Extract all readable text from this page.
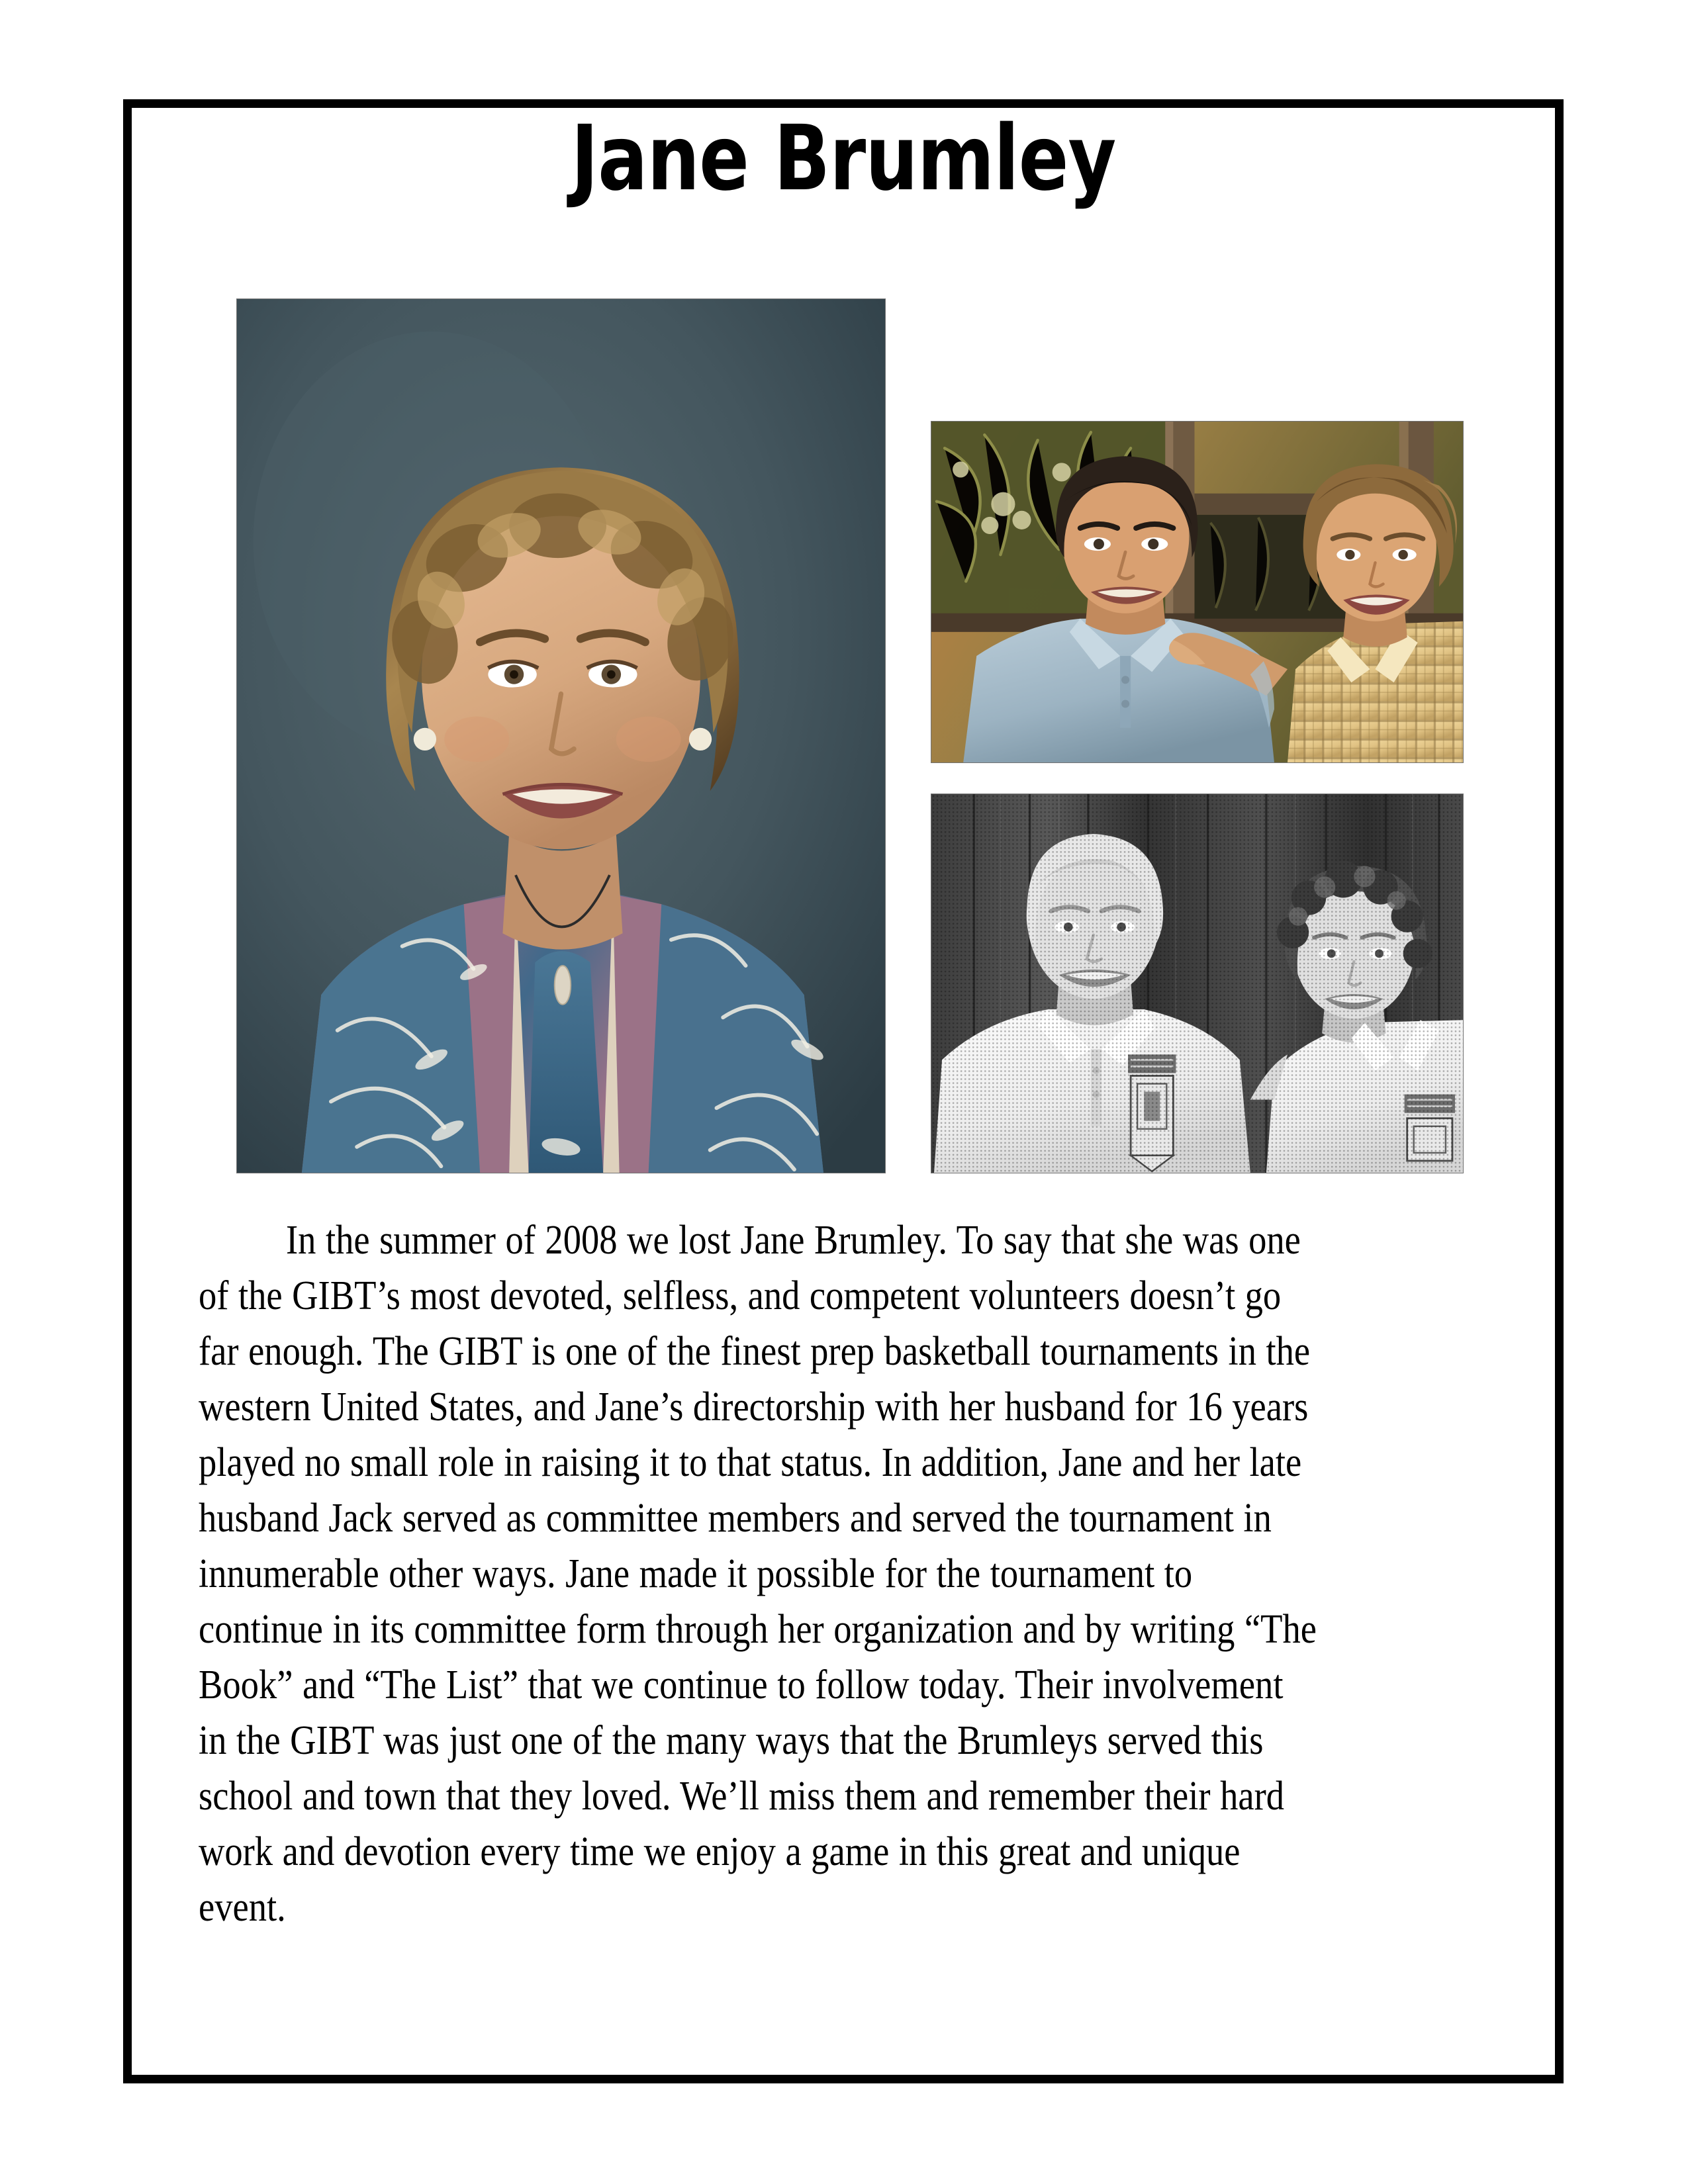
Jane Brumley
In the summer of 2008 we lost Jane Brumley. To say that she was one of the GIBT’s most devoted, selfless, and competent volunteers doesn’t go far enough. The GIBT is one of the finest prep basketball tournaments in the western United States, and Jane’s directorship with her husband for 16 years played no small role in raising it to that status. In addition, Jane and her late husband Jack served as committee members and served the tournament in innumerable other ways. Jane made it possible for the tournament to continue in its committee form through her organization and by writing “The Book” and “The List” that we continue to follow today. Their involvement in the GIBT was just one of the many ways that the Brumleys served this school and town that they loved. We’ll miss them and remember their hard work and devotion every time we enjoy a game in this great and unique event.
